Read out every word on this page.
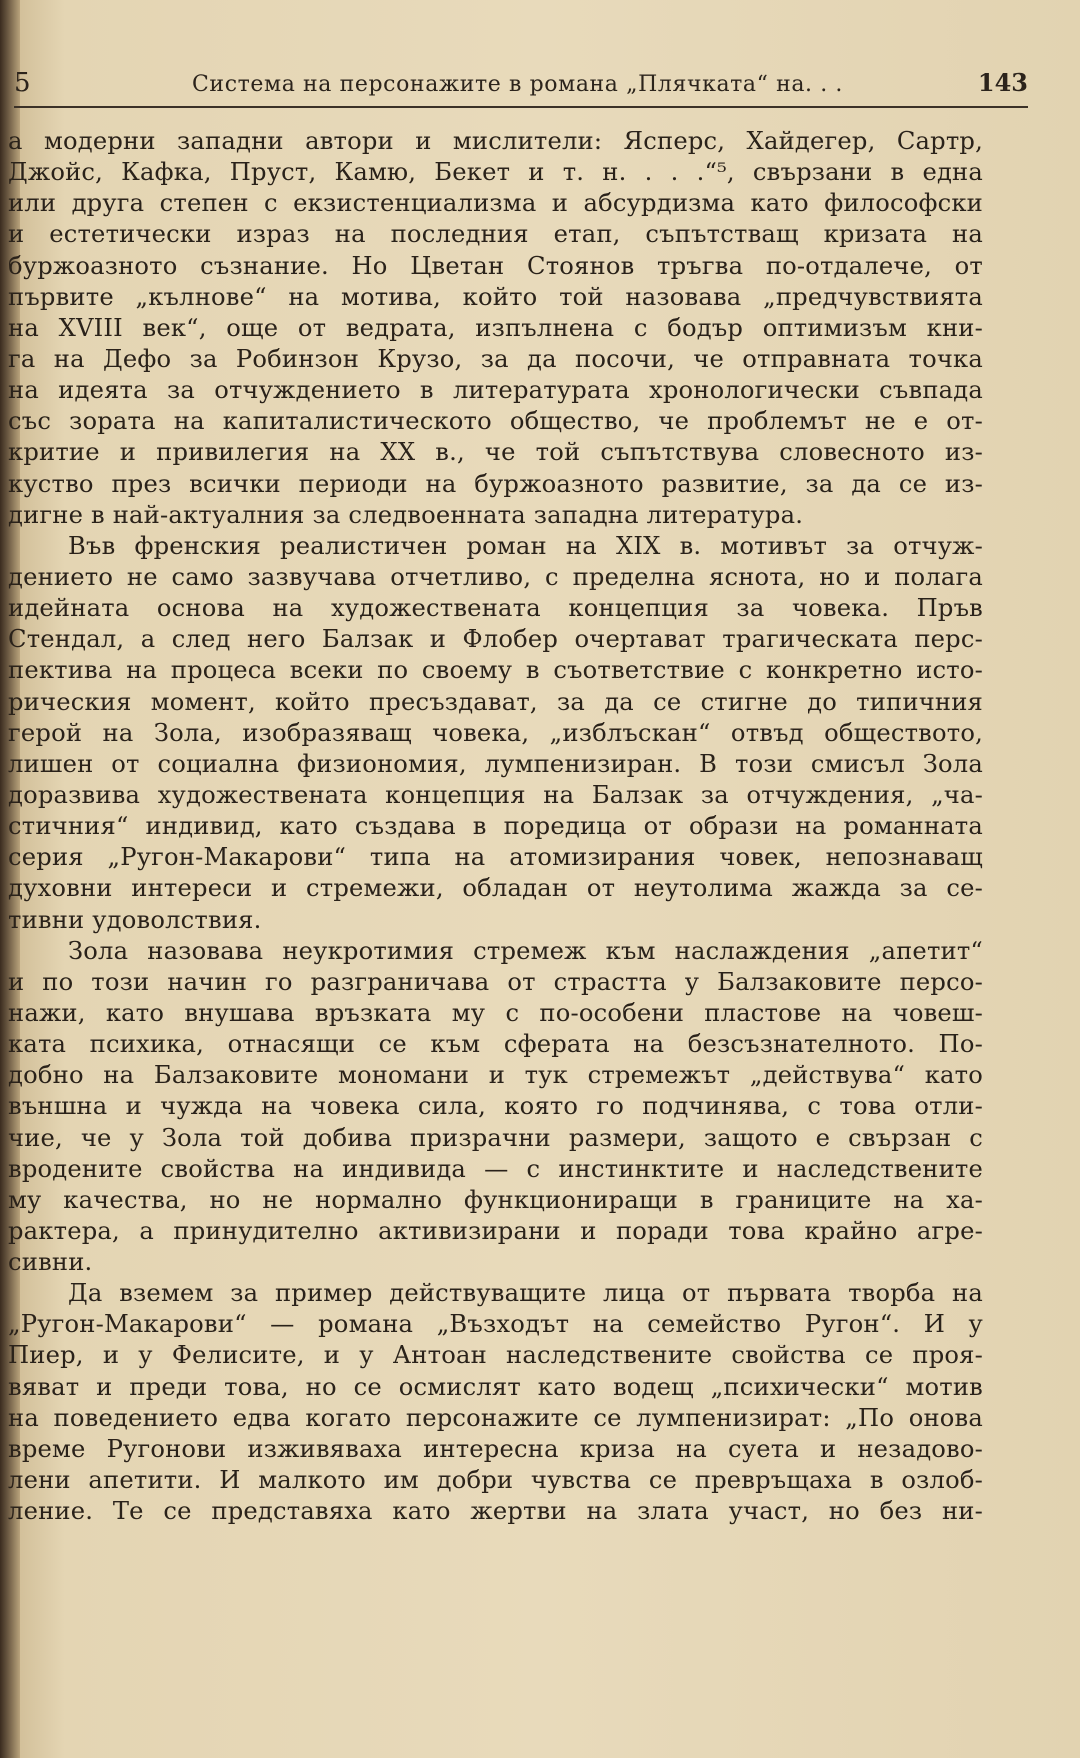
5	Система на персонажите в романа „Плячката“ на. . .	143
а модерни западни автори и мислители: Ясперс, Хайдегер, Сартр,
Джойс, Кафка, Пруст, Камю, Бекет и т. н. . . .“⁵, свързани в една
или друга степен с екзистенциализма и абсурдизма като философски
и естетически израз на последния етап, съпътстващ кризата на
буржоазното съзнание. Но Цветан Стоянов тръгва по-отдалече, от
първите „кълнове“ на мотива, който той назовава „предчувствията
на XVIII век“, още от ведрата, изпълнена с бодър оптимизъм кни-
га на Дефо за Робинзон Крузо, за да посочи, че отправната точка
на идеята за отчуждението в литературата хронологически съвпада
със зората на капиталистическото общество, че проблемът не е от-
критие и привилегия на XX в., че той съпътствува словесното из-
куство през всички периоди на буржоазното развитие, за да се из-
дигне в най-актуалния за следвоенната западна литература.
Във френския реалистичен роман на XIX в. мотивът за отчуж-
дението не само зазвучава отчетливо, с пределна яснота, но и полага
идейната основа на художествената концепция за човека. Пръв
Стендал, а след него Балзак и Флобер очертават трагическата перс-
пектива на процеса всеки по своему в съответствие с конкретно исто-
рическия момент, който пресъздават, за да се стигне до типичния
герой на Зола, изобразяващ човека, „изблъскан“ отвъд обществото,
лишен от социална физиономия, лумпенизиран. В този смисъл Зола
доразвива художествената концепция на Балзак за отчуждения, „ча-
стичния“ индивид, като създава в поредица от образи на романната
серия „Ругон-Макарови“ типа на атомизирания човек, непознаващ
духовни интереси и стремежи, обладан от неутолима жажда за се-
тивни удоволствия.
Зола назовава неукротимия стремеж към наслаждения „апетит“
и по този начин го разграничава от страстта у Балзаковите персо-
нажи, като внушава връзката му с по-особени пластове на човеш-
ката психика, отнасящи се към сферата на безсъзнателното. По-
добно на Балзаковите мономани и тук стремежът „действува“ като
външна и чужда на човека сила, която го подчинява, с това отли-
чие, че у Зола той добива призрачни размери, защото е свързан с
вродените свойства на индивида — с инстинктите и наследствените
му качества, но не нормално функциониращи в границите на ха-
рактера, а принудително активизирани и поради това крайно агре-
сивни.
Да вземем за пример действуващите лица от първата творба на
„Ругон-Макарови“ — романа „Възходът на семейство Ругон“. И у
Пиер, и у Фелисите, и у Антоан наследствените свойства се проя-
вяват и преди това, но се осмислят като водещ „психически“ мотив
на поведението едва когато персонажите се лумпенизират: „По онова
време Ругонови изживяваха интересна криза на суета и незадово-
лени апетити. И малкото им добри чувства се превръщаха в озлоб-
ление. Те се представяха като жертви на злата участ, но без ни-
